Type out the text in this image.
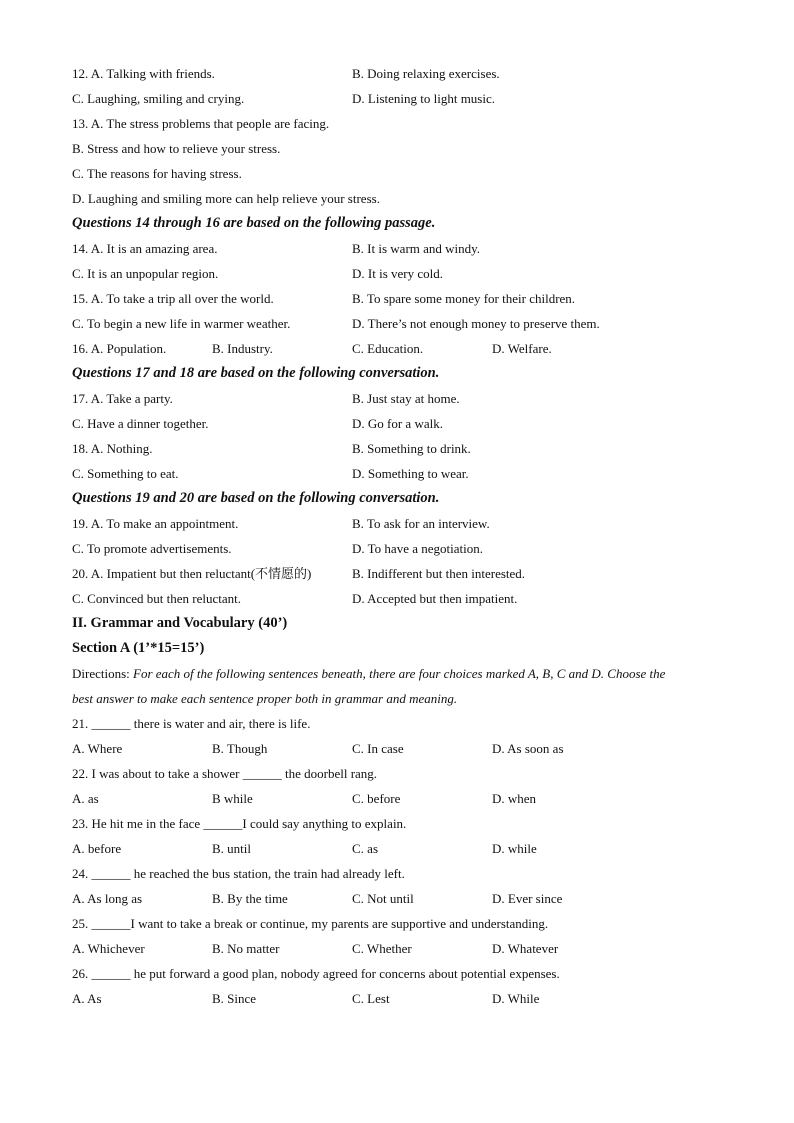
12. A. Talking with friends.	B. Doing relaxing exercises.
C. Laughing, smiling and crying.	D. Listening to light music.
13. A. The stress problems that people are facing.
B. Stress and how to relieve your stress.
C. The reasons for having stress.
D. Laughing and smiling more can help relieve your stress.
Questions 14 through 16 are based on the following passage.
14. A. It is an amazing area.	B. It is warm and windy.
C. It is an unpopular region.	D. It is very cold.
15. A. To take a trip all over the world.	B. To spare some money for their children.
C. To begin a new life in warmer weather.	D. There’s not enough money to preserve them.
16. A. Population.	B. Industry.	C. Education.	D. Welfare.
Questions 17 and 18 are based on the following conversation.
17. A. Take a party.	B. Just stay at home.
C. Have a dinner together.	D. Go for a walk.
18. A. Nothing.	B. Something to drink.
C. Something to eat.	D. Something to wear.
Questions 19 and 20 are based on the following conversation.
19. A. To make an appointment.	B. To ask for an interview.
C. To promote advertisements.	D. To have a negotiation.
20. A. Impatient but then reluctant(不情愿的)	B. Indifferent but then interested.
C. Convinced but then reluctant.	D. Accepted but then impatient.
II. Grammar and Vocabulary (40’)
Section A (1’*15=15’)
Directions: For each of the following sentences beneath, there are four choices marked A, B, C and D. Choose the
best answer to make each sentence proper both in grammar and meaning.
21. ______ there is water and air, there is life.
A. Where	B. Though	C. In case	D. As soon as
22. I was about to take a shower ______ the doorbell rang.
A. as	B while	C. before	D. when
23. He hit me in the face ______I could say anything to explain.
A. before	B. until	C. as	D. while
24. ______ he reached the bus station, the train had already left.
A. As long as	B. By the time	C. Not until	D. Ever since
25. ______I want to take a break or continue, my parents are supportive and understanding.
A. Whichever	B. No matter	C. Whether	D. Whatever
26. ______ he put forward a good plan, nobody agreed for concerns about potential expenses.
A. As	B. Since	C. Lest	D. While
